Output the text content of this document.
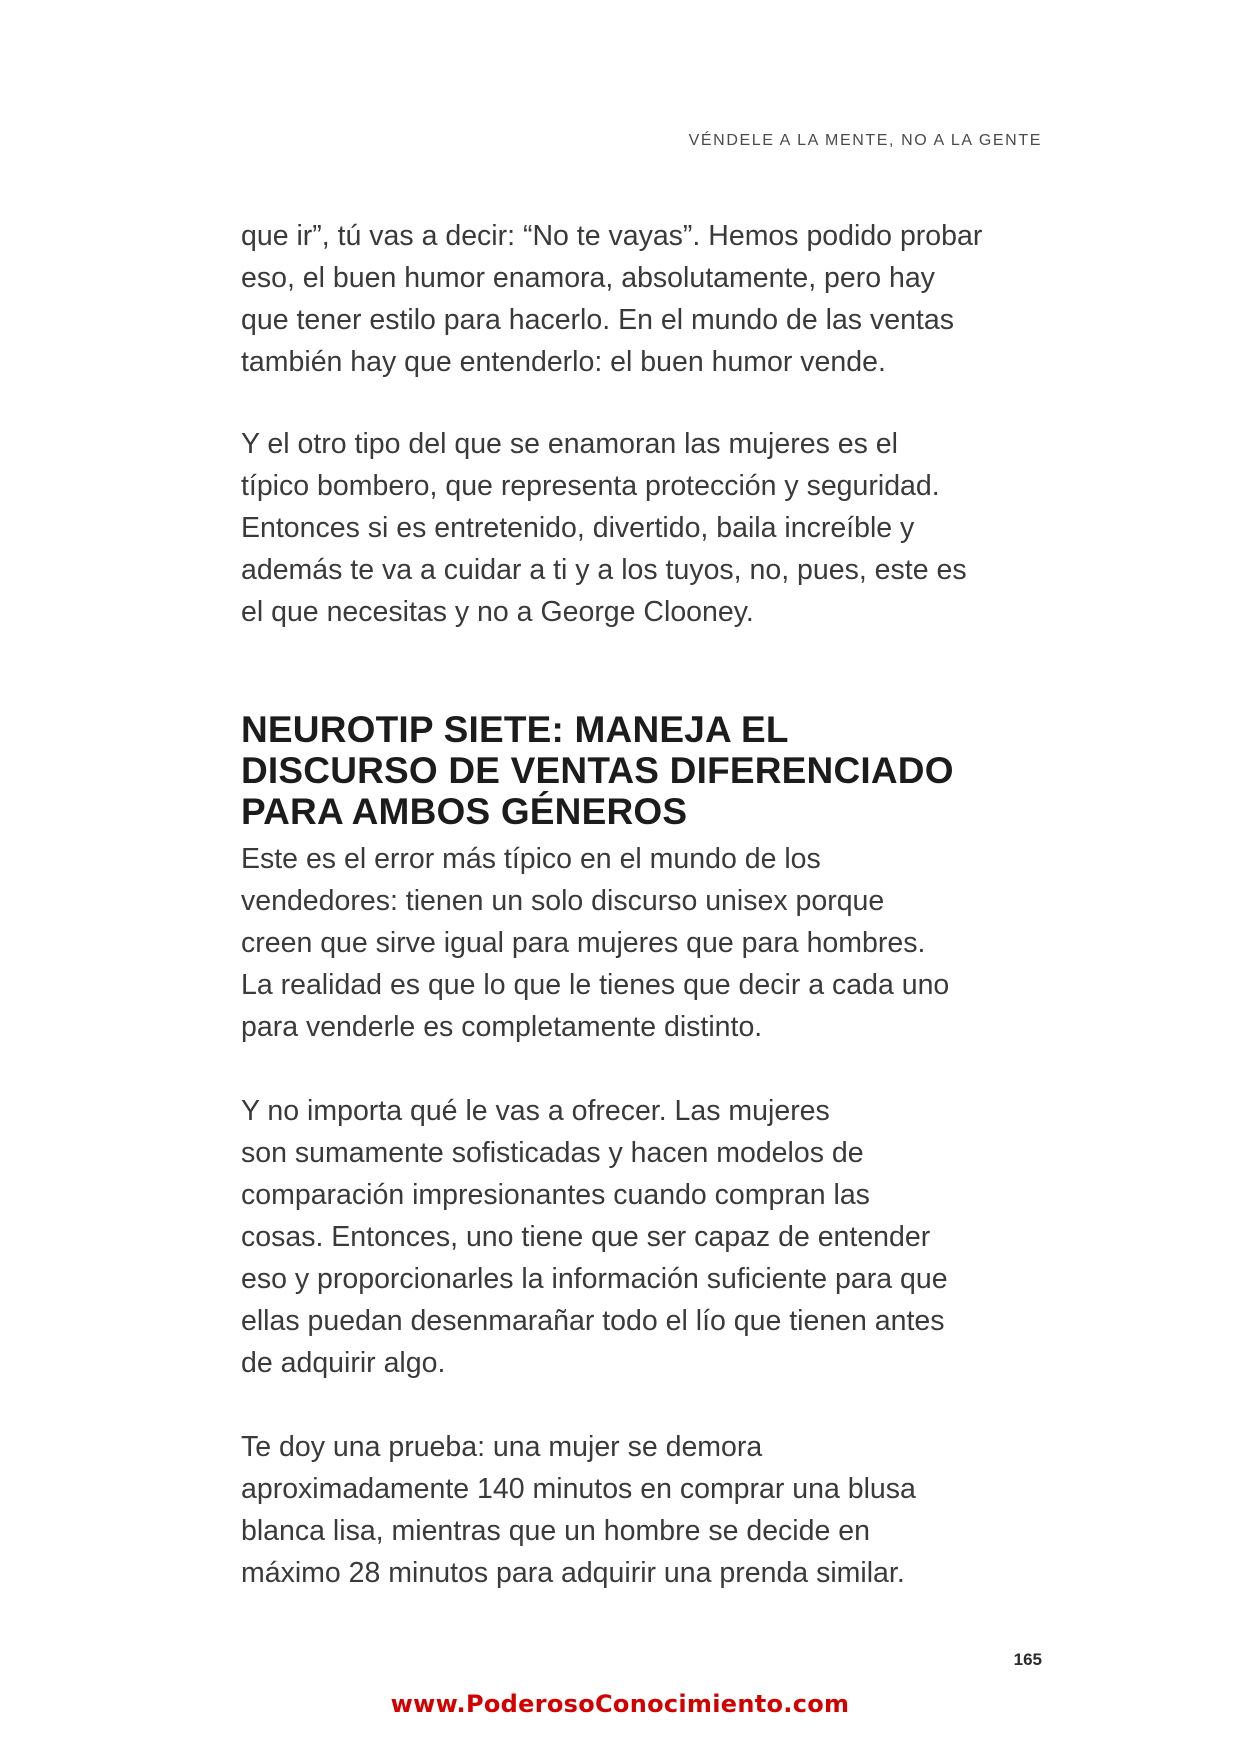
VÉNDELE A LA MENTE, NO A LA GENTE

que ir”, tú vas a decir: “No te vayas”. Hemos podido probar
eso, el buen humor enamora, absolutamente, pero hay
que tener estilo para hacerlo. En el mundo de las ventas
también hay que entenderlo: el buen humor vende.

Y el otro tipo del que se enamoran las mujeres es el
típico bombero, que representa protección y seguridad.
Entonces si es entretenido, divertido, baila increíble y
además te va a cuidar a ti y a los tuyos, no, pues, este es
el que necesitas y no a George Clooney.

NEUROTIP SIETE: MANEJA EL
DISCURSO DE VENTAS DIFERENCIADO
PARA AMBOS GÉNEROS

Este es el error más típico en el mundo de los
vendedores: tienen un solo discurso unisex porque
creen que sirve igual para mujeres que para hombres.
La realidad es que lo que le tienes que decir a cada uno
para venderle es completamente distinto.

Y no importa qué le vas a ofrecer. Las mujeres
son sumamente sofisticadas y hacen modelos de
comparación impresionantes cuando compran las
cosas. Entonces, uno tiene que ser capaz de entender
eso y proporcionarles la información suficiente para que
ellas puedan desenmarañar todo el lío que tienen antes
de adquirir algo.

Te doy una prueba: una mujer se demora
aproximadamente 140 minutos en comprar una blusa
blanca lisa, mientras que un hombre se decide en
máximo 28 minutos para adquirir una prenda similar.

165
www.PoderosoConocimiento.com
